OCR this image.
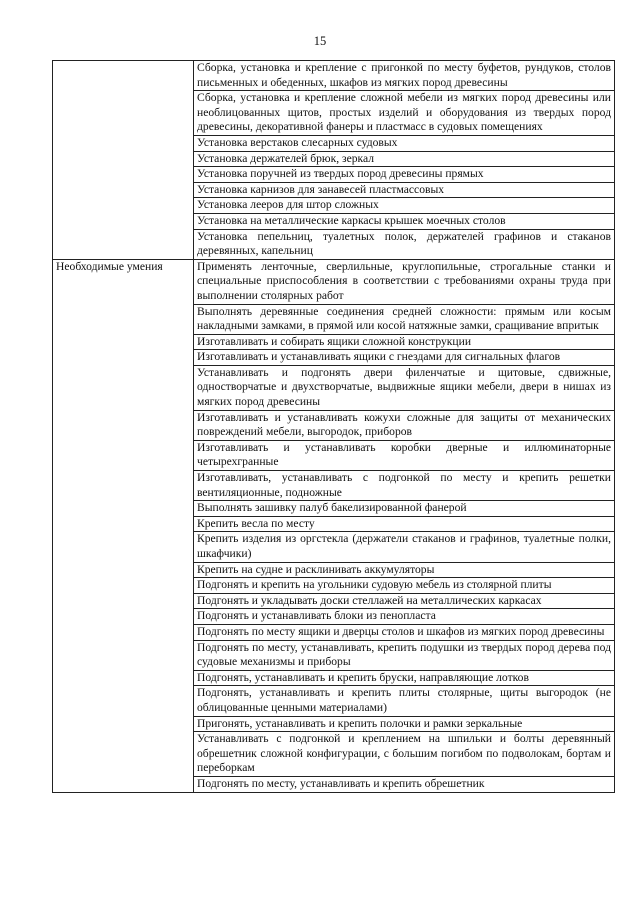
15
	Сборка, установка и крепление с пригонкой по месту буфетов, рундуков, столов письменных и обеденных, шкафов из мягких пород древесины
	Сборка, установка и крепление сложной мебели из мягких пород древесины или необлицованных щитов, простых изделий и оборудования из твердых пород древесины, декоративной фанеры и пластмасс в судовых помещениях
	Установка верстаков слесарных судовых
	Установка держателей брюк, зеркал
	Установка поручней из твердых пород древесины прямых
	Установка карнизов для занавесей пластмассовых
	Установка лееров для штор сложных
	Установка на металлические каркасы крышек моечных столов
	Установка пепельниц, туалетных полок, держателей графинов и стаканов деревянных, капельниц
Необходимые умения	Применять ленточные, сверлильные, круглопильные, строгальные станки и специальные приспособления в соответствии с требованиями охраны труда при выполнении столярных работ
	Выполнять деревянные соединения средней сложности: прямым или косым накладными замками, в прямой или косой натяжные замки, сращивание впритык
	Изготавливать и собирать ящики сложной конструкции
	Изготавливать и устанавливать ящики с гнездами для сигнальных флагов
	Устанавливать и подгонять двери филенчатые и щитовые, сдвижные, одностворчатые и двухстворчатые, выдвижные ящики мебели, двери в нишах из мягких пород древесины
	Изготавливать и устанавливать кожухи сложные для защиты от механических повреждений мебели, выгородок, приборов
	Изготавливать и устанавливать коробки дверные и иллюминаторные четырехгранные
	Изготавливать, устанавливать с подгонкой по месту и крепить решетки вентиляционные, подножные
	Выполнять зашивку палуб бакелизированной фанерой
	Крепить весла по месту
	Крепить изделия из оргстекла (держатели стаканов и графинов, туалетные полки, шкафчики)
	Крепить на судне и расклинивать аккумуляторы
	Подгонять и крепить на угольники судовую мебель из столярной плиты
	Подгонять и укладывать доски стеллажей на металлических каркасах
	Подгонять и устанавливать блоки из пенопласта
	Подгонять по месту ящики и дверцы столов и шкафов из мягких пород древесины
	Подгонять по месту, устанавливать, крепить подушки из твердых пород дерева под судовые механизмы и приборы
	Подгонять, устанавливать и крепить бруски, направляющие лотков
	Подгонять, устанавливать и крепить плиты столярные, щиты выгородок (не облицованные ценными материалами)
	Пригонять, устанавливать и крепить полочки и рамки зеркальные
	Устанавливать с подгонкой и креплением на шпильки и болты деревянный обрешетник сложной конфигурации, с большим погибом по подволокам, бортам и переборкам
	Подгонять по месту, устанавливать и крепить обрешетник
